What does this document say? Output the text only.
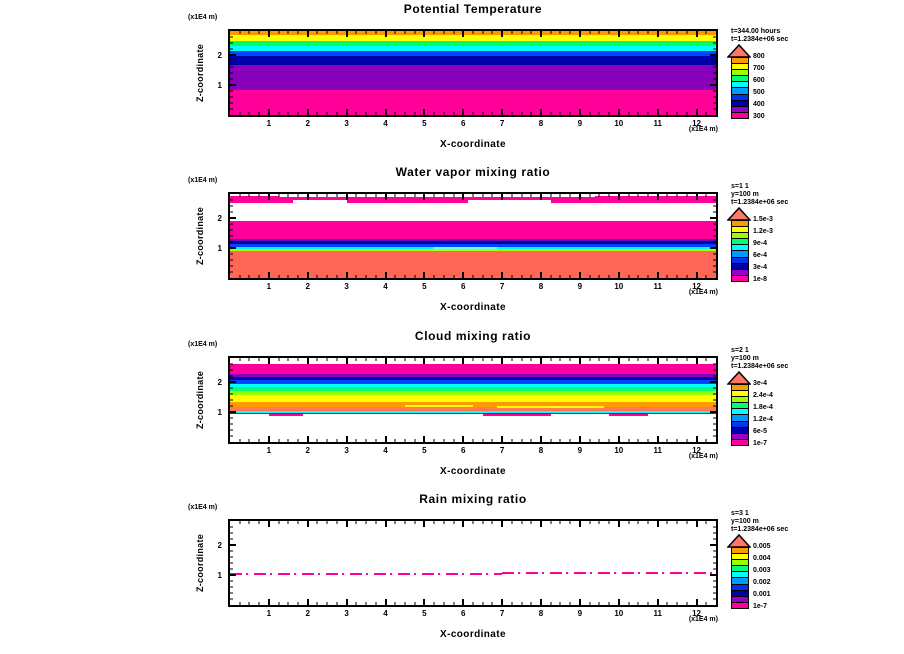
Potential Temperature
(x1E4 m)
Z-coordinate
1	2	3	4	5	6	7	8	9	10	11	12
1
2
(x1E4 m)
X-coordinate
t=344.00 hours
t=1.2384e+06 sec
800
700
600
500
400
300
Water vapor mixing ratio
(x1E4 m)
Z-coordinate
1	2	3	4	5	6	7	8	9	10	11	12
1
2
(x1E4 m)
X-coordinate
s=1 1
y=100 m
t=1.2384e+06 sec
1.5e-3
1.2e-3
9e-4
6e-4
3e-4
1e-8
Cloud mixing ratio
(x1E4 m)
Z-coordinate
1	2	3	4	5	6	7	8	9	10	11	12
1
2
(x1E4 m)
X-coordinate
s=2 1
y=100 m
t=1.2384e+06 sec
3e-4
2.4e-4
1.8e-4
1.2e-4
6e-5
1e-7
Rain mixing ratio
(x1E4 m)
Z-coordinate
1	2	3	4	5	6	7	8	9	10	11	12
1
2
(x1E4 m)
X-coordinate
s=3 1
y=100 m
t=1.2384e+06 sec
0.005
0.004
0.003
0.002
0.001
1e-7
